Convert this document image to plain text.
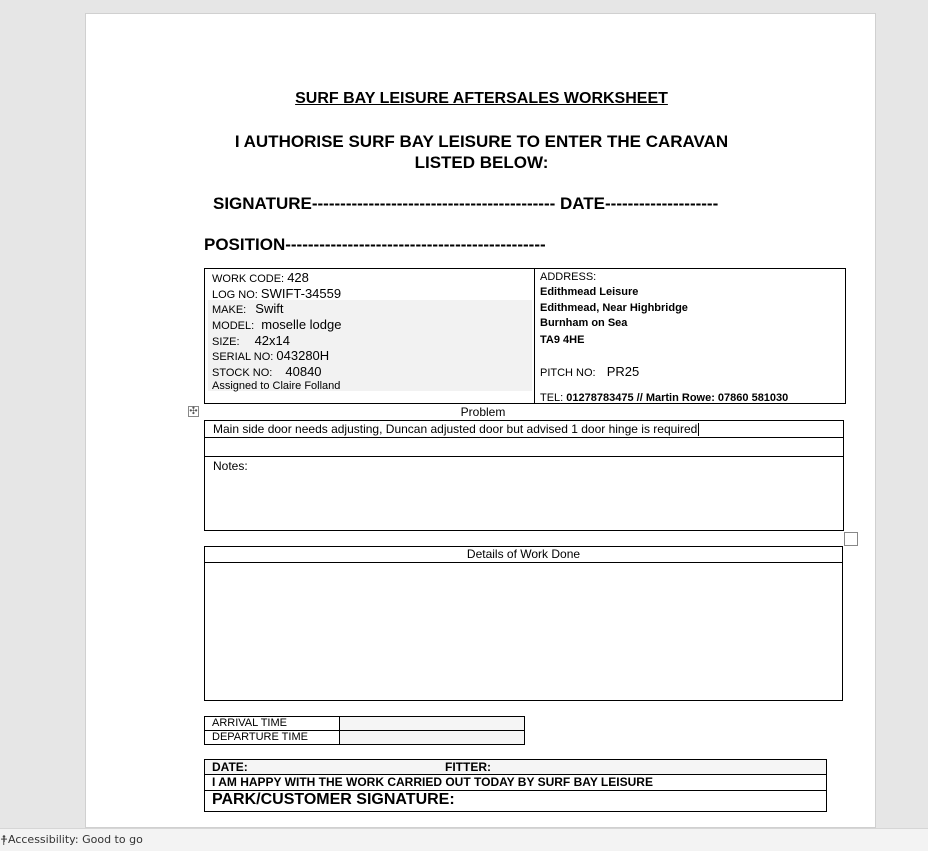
SURF BAY LEISURE AFTERSALES WORKSHEET
I AUTHORISE SURF BAY LEISURE TO ENTER THE CARAVAN
LISTED BELOW:
SIGNATURE------------------------------------------- DATE--------------------
POSITION----------------------------------------------
WORK CODE: 428
LOG NO: SWIFT-34559
MAKE: Swift
MODEL: moselle lodge
SIZE: 42x14
SERIAL NO: 043280H
STOCK NO: 40840
Assigned to Claire Folland
ADDRESS:
Edithmead Leisure
Edithmead, Near Highbridge
Burnham on Sea
TA9 4HE
PITCH NO: PR25
TEL: 01278783475 // Martin Rowe: 07860 581030
✣	Problem
Main side door needs adjusting, Duncan adjusted door but advised 1 door hinge is required
Notes:
Details of Work Done
ARRIVAL TIME
DEPARTURE TIME
DATE:	FITTER:
I AM HAPPY WITH THE WORK CARRIED OUT TODAY BY SURF BAY LEISURE
PARK/CUSTOMER SIGNATURE:
Accessibility: Good to go
